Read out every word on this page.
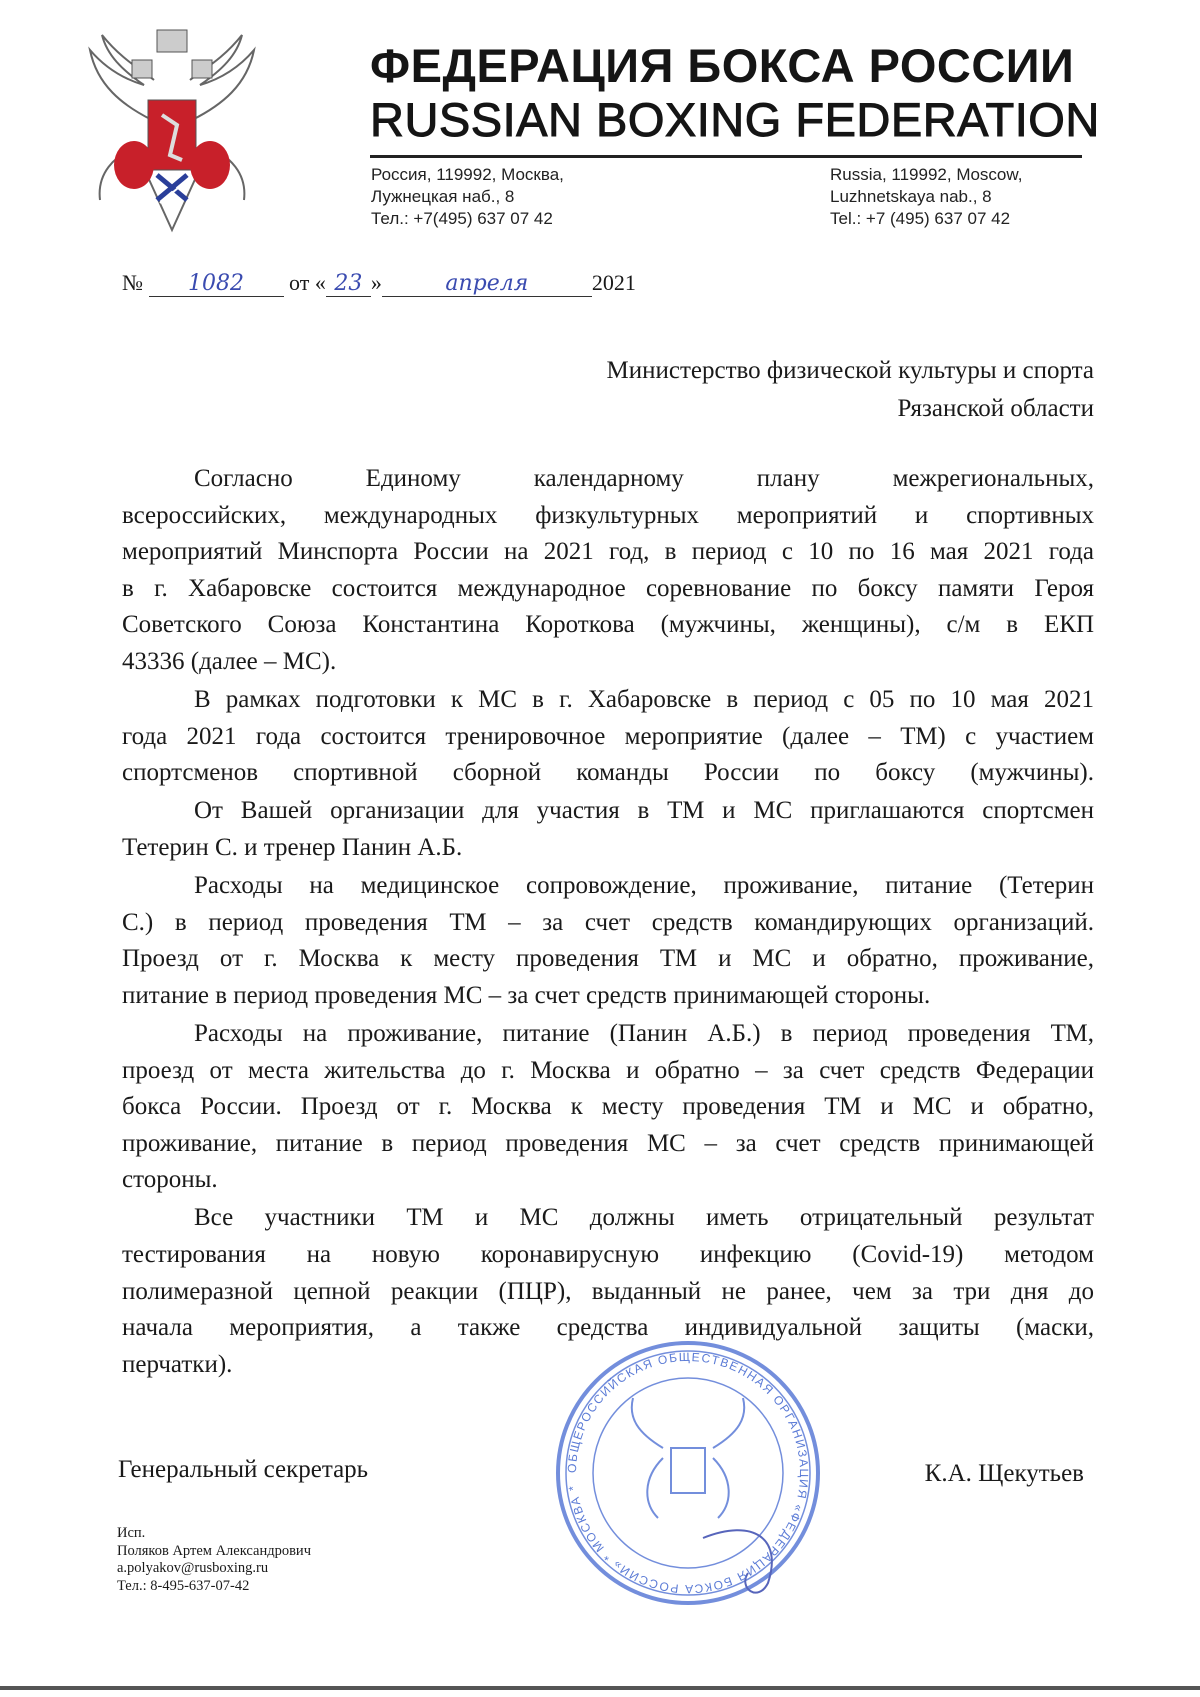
ФЕДЕРАЦИЯ БОКСА РОССИИ
RUSSIAN BOXING FEDERATION
Россия, 119992, Москва,
Лужнецкая наб., 8
Тел.: +7(495) 637 07 42
Russia, 119992, Moscow,
Luzhnetskaya nab., 8
Tel.: +7 (495) 637 07 42
№ 1082 от « 23 »	апреля	2021
Министерство физической культуры и спорта
Рязанской области
Согласно Единому календарному плану межрегиональных,
всероссийских, международных физкультурных мероприятий и спортивных
мероприятий Минспорта России на 2021 год, в период с 10 по 16 мая 2021 года
в г. Хабаровске состоится международное соревнование по боксу памяти Героя
Советского Союза Константина Короткова (мужчины, женщины), с/м в ЕКП
43336 (далее – МС).
В рамках подготовки к МС в г. Хабаровске в период с 05 по 10 мая 2021
года 2021 года состоится тренировочное мероприятие (далее – ТМ) с участием
спортсменов спортивной сборной команды России по боксу (мужчины).
От Вашей организации для участия в ТМ и МС приглашаются спортсмен
Тетерин С. и тренер Панин А.Б.
Расходы на медицинское сопровождение, проживание, питание (Тетерин
С.) в период проведения ТМ – за счет средств командирующих организаций.
Проезд от г. Москва к месту проведения ТМ и МС и обратно, проживание,
питание в период проведения МС – за счет средств принимающей стороны.
Расходы на проживание, питание (Панин А.Б.) в период проведения ТМ,
проезд от места жительства до г. Москва и обратно – за счет средств Федерации
бокса России. Проезд от г. Москва к месту проведения ТМ и МС и обратно,
проживание, питание в период проведения МС – за счет средств принимающей
стороны.
Все участники ТМ и МС должны иметь отрицательный результат
тестирования на новую коронавирусную инфекцию (Covid-19) методом
полимеразной цепной реакции (ПЦР), выданный не ранее, чем за три дня до
начала мероприятия, а также средства индивидуальной защиты (маски,
перчатки).
Генеральный секретарь	ОБЩЕРОССИЙСКАЯ ОБЩЕСТВЕННАЯ ОРГАНИЗАЦИЯ «ФЕДЕРАЦИЯ БОКСА РОССИИ» * МОСКВА *
К.А. Щекутьев
Исп.
Поляков Артем Александрович
a.polyakov@rusboxing.ru
Тел.: 8-495-637-07-42
